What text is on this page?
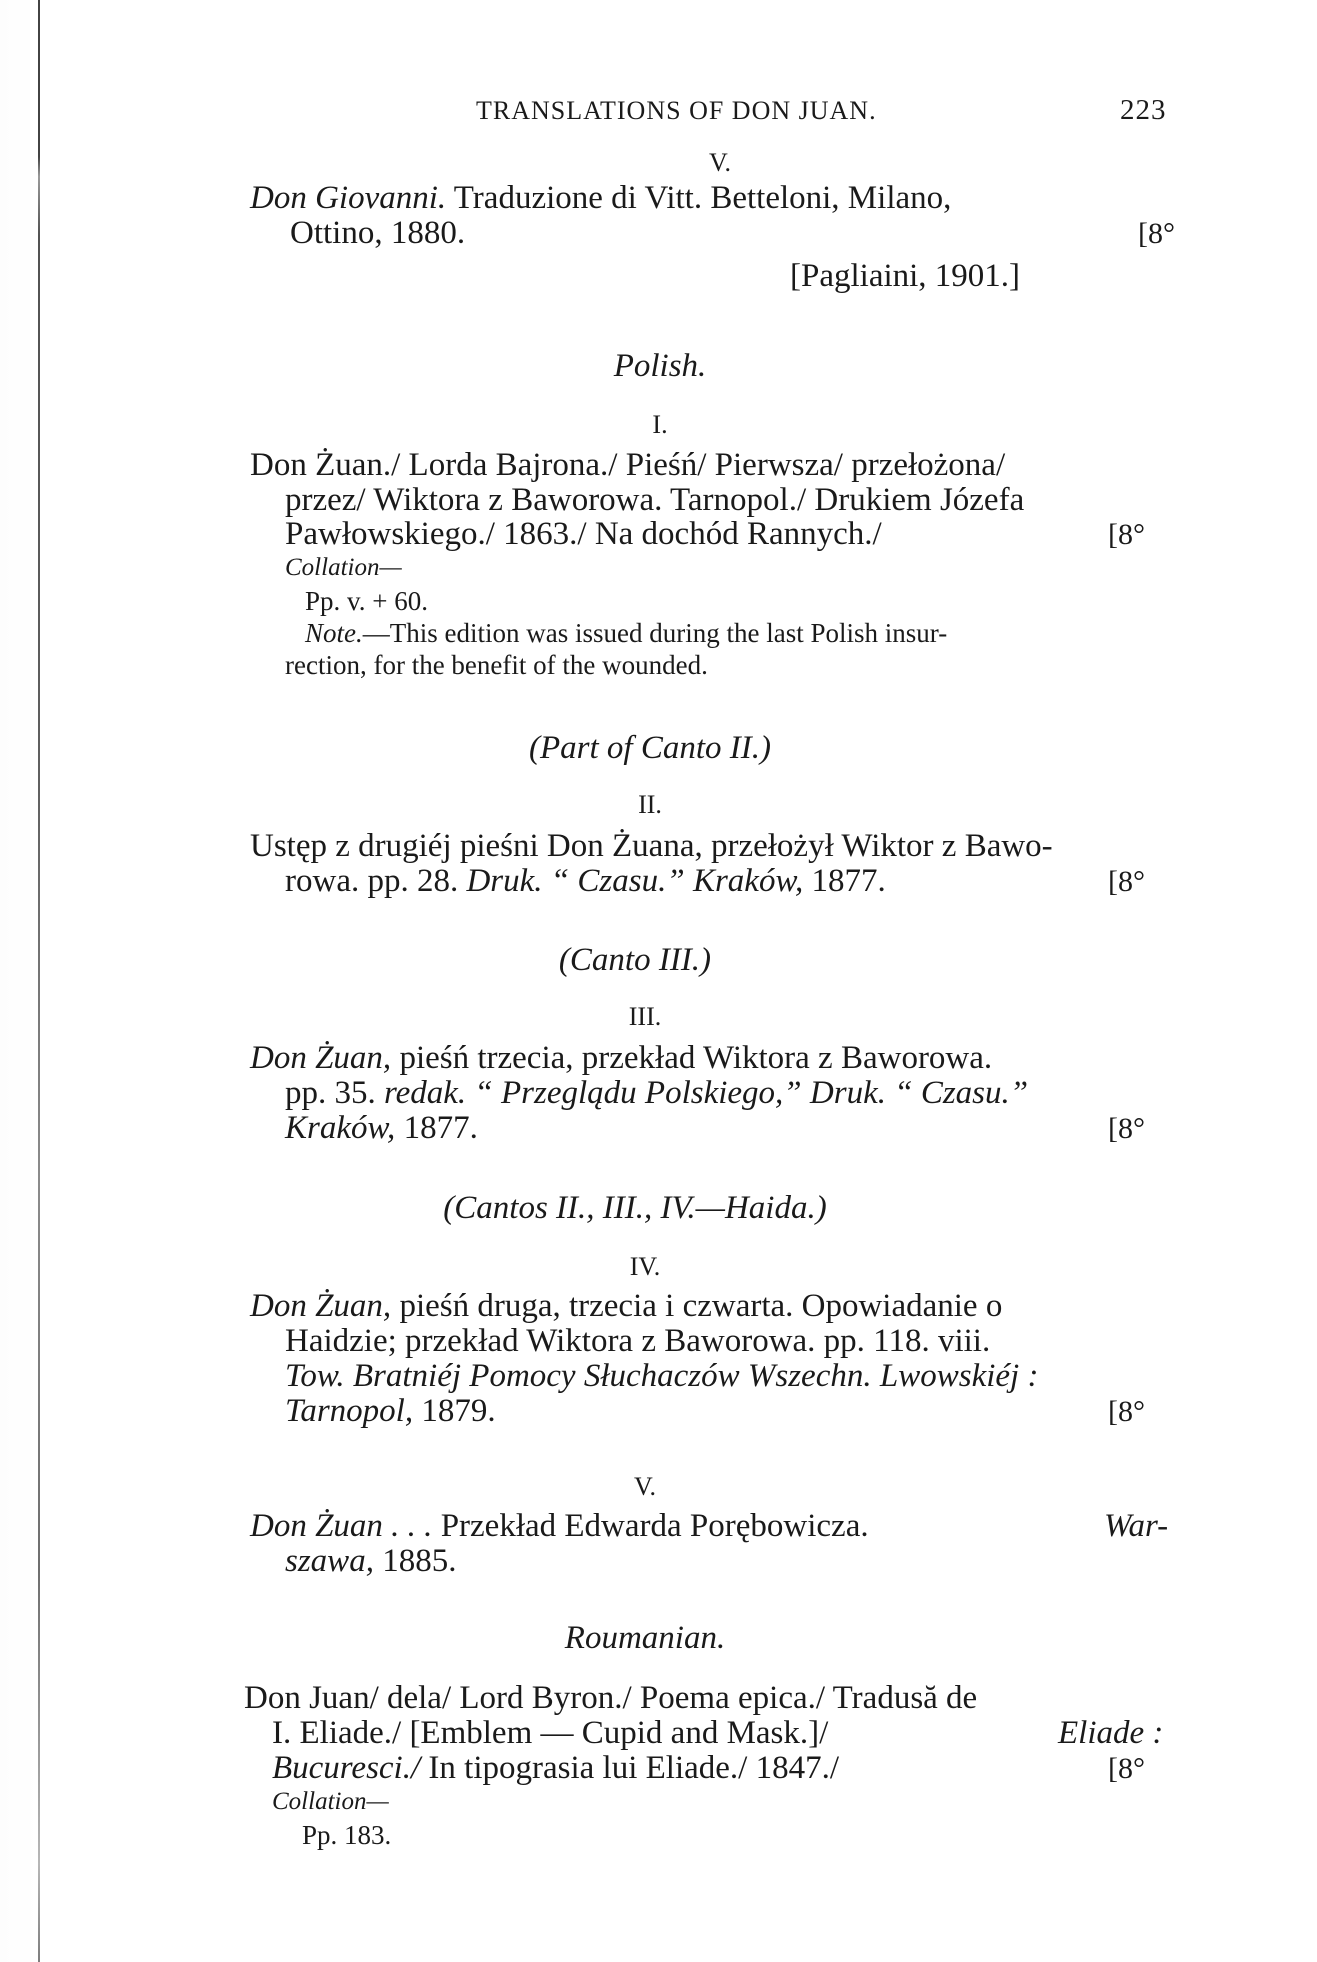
TRANSLATIONS OF DON JUAN.	223
V.
Don Giovanni. Traduzione di Vitt. Betteloni, Milano,
Ottino, 1880.	[8°
[Pagliaini, 1901.]
Polish.
I.
Don Żuan./ Lorda Bajrona./ Pieśń/ Pierwsza/ przełożona/
przez/ Wiktora z Baworowa. Tarnopol./ Drukiem Józefa
Pawłowskiego./ 1863./ Na dochód Rannych./	[8°
Collation—
Pp. v. + 60.
Note.—This edition was issued during the last Polish insur-
rection, for the benefit of the wounded.
(Part of Canto II.)
II.
Ustęp z drugiéj pieśni Don Żuana, przełożył Wiktor z Bawo-
rowa. pp. 28. Druk. “ Czasu.” Kraków, 1877.	[8°
(Canto III.)
III.
Don Żuan, pieśń trzecia, przekład Wiktora z Baworowa.
pp. 35. redak. “ Przeglądu Polskiego,” Druk. “ Czasu.”
Kraków, 1877.	[8°
(Cantos II., III., IV.—Haida.)
IV.
Don Żuan, pieśń druga, trzecia i czwarta. Opowiadanie o
Haidzie; przekład Wiktora z Baworowa. pp. 118. viii.
Tow. Bratniéj Pomocy Słuchaczów Wszechn. Lwowskiéj :
Tarnopol, 1879.	[8°
V.
Don Żuan . . . Przekład Edwarda Porębowicza.	War-
szawa, 1885.
Roumanian.
Don Juan/ dela/ Lord Byron./ Poema epica./ Tradusă de
I. Eliade./ [Emblem — Cupid and Mask.]/	Eliade :
Bucuresci./ In tipograsia lui Eliade./ 1847./	[8°
Collation—
Pp. 183.
